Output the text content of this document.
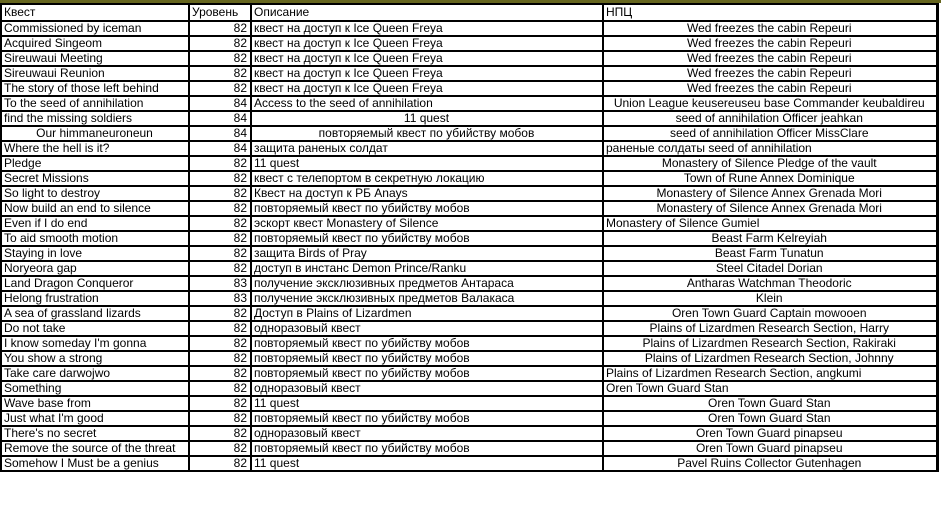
Квест	Уровень	Описание	НПЦ
Commissioned by iceman	82	квест на доступ к Ice Queen Freya	Wed freezes the cabin Repeuri
Acquired Singeom	82	квест на доступ к Ice Queen Freya	Wed freezes the cabin Repeuri
Sireuwaui Meeting	82	квест на доступ к Ice Queen Freya	Wed freezes the cabin Repeuri
Sireuwaui Reunion	82	квест на доступ к Ice Queen Freya	Wed freezes the cabin Repeuri
The story of those left behind	82	квест на доступ к Ice Queen Freya	Wed freezes the cabin Repeuri
To the seed of annihilation	84	Access to the seed of annihilation	Union League keusereuseu base Commander keubaldireu
find the missing soldiers	84	11 quest	seed of annihilation Officer jeahkan
Our himmaneuroneun	84	повторяемый квест по убийству мобов	seed of annihilation Officer MissClare
Where the hell is it?	84	защита раненых солдат	раненые солдаты seed of annihilation
Pledge	82	11 quest	Monastery of Silence Pledge of the vault
Secret Missions	82	квест с телепортом в секретную локацию	Town of Rune Annex Dominique
So light to destroy	82	Квест на доступ к РБ Anays	Monastery of Silence Annex Grenada Mori
Now build an end to silence	82	повторяемый квест по убийству мобов	Monastery of Silence Annex Grenada Mori
Even if I do end	82	эскорт квест Monastery of Silence	Monastery of Silence Gumiel
To aid smooth motion	82	повторяемый квест по убийству мобов	Beast Farm Kelreyiah
Staying in love	82	защита Birds of Pray	Beast Farm Tunatun
Noryeora gap	82	доступ в инстанс Demon Prince/Ranku	Steel Citadel Dorian
Land Dragon Conqueror	83	получение эксклюзивных предметов Антараса	Antharas Watchman Theodoric
Helong frustration	83	получение эксклюзивных предметов Валакаса	Klein
A sea of grassland lizards	82	Доступ в Plains of Lizardmen	Oren Town Guard Captain mowooen
Do not take	82	одноразовый квест	Plains of Lizardmen Research Section, Harry
I know someday I'm gonna	82	повторяемый квест по убийству мобов	Plains of Lizardmen Research Section, Rakiraki
You show a strong	82	повторяемый квест по убийству мобов	Plains of Lizardmen Research Section, Johnny
Take care darwojwo	82	повторяемый квест по убийству мобов	Plains of Lizardmen Research Section, angkumi
Something	82	одноразовый квест	Oren Town Guard Stan
Wave base from	82	11 quest	Oren Town Guard Stan
Just what I'm good	82	повторяемый квест по убийству мобов	Oren Town Guard Stan
There's no secret	82	одноразовый квест	Oren Town Guard pinapseu
Remove the source of the threat	82	повторяемый квест по убийству мобов	Oren Town Guard pinapseu
Somehow I Must be a genius	82	11 quest	Pavel Ruins Collector Gutenhagen
